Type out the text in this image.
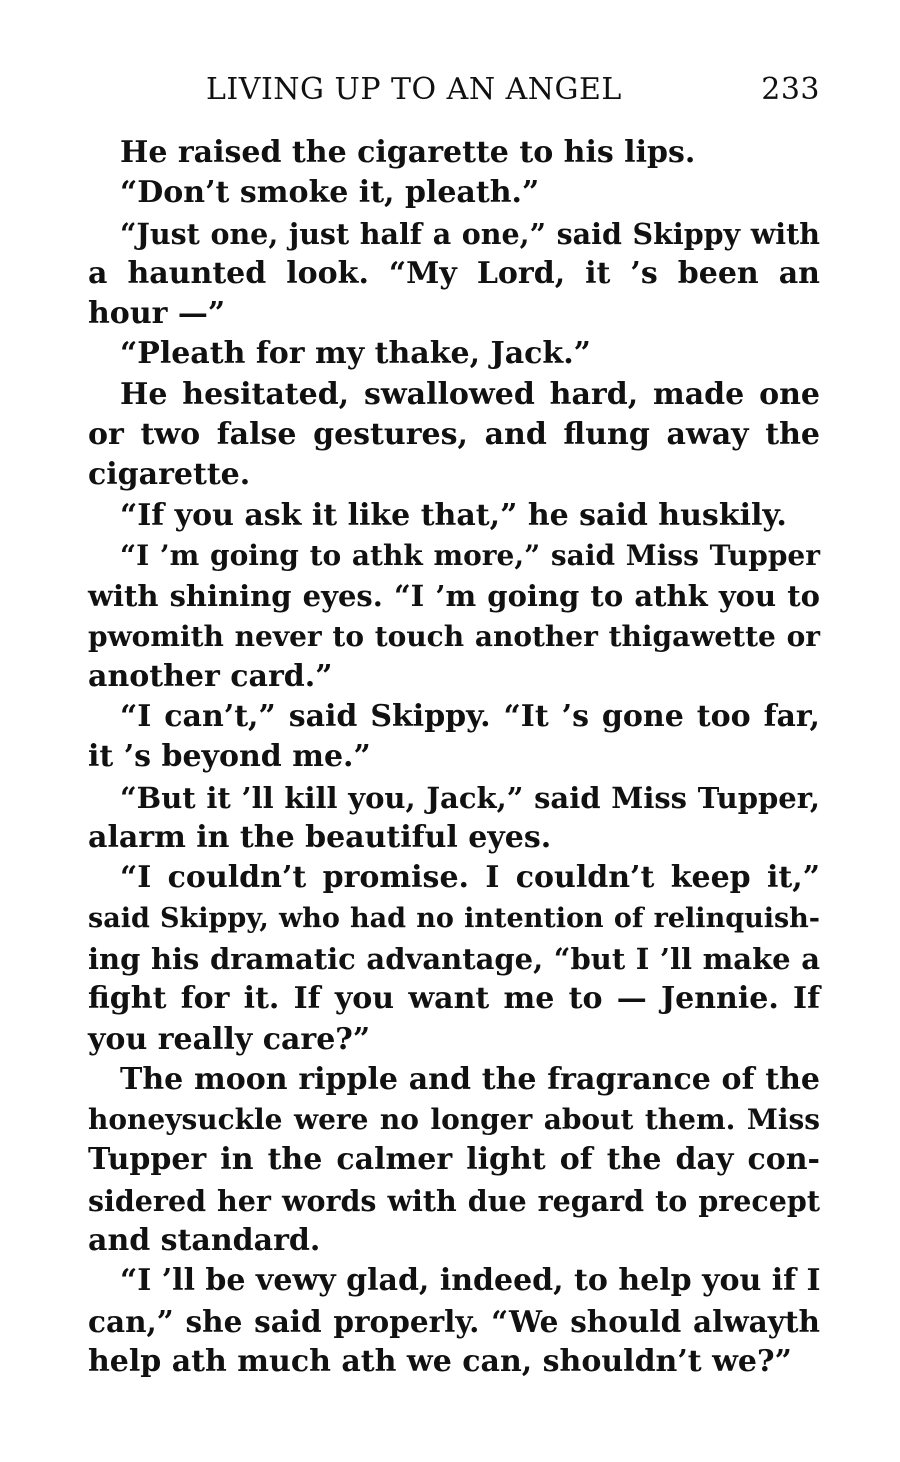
LIVING UP TO AN ANGEL	233
He raised the cigarette to his lips.
“Don’t smoke it, pleath.”
“Just one, just half a one,” said Skippy with
a haunted look. “My Lord, it ’s been an
hour —”
“Pleath for my thake, Jack.”
He hesitated, swallowed hard, made one
or two false gestures, and flung away the
cigarette.
“If you ask it like that,” he said huskily.
“I ’m going to athk more,” said Miss Tupper
with shining eyes. “I ’m going to athk you to
pwomith never to touch another thigawette or
another card.”
“I can’t,” said Skippy. “It ’s gone too far,
it ’s beyond me.”
“But it ’ll kill you, Jack,” said Miss Tupper,
alarm in the beautiful eyes.
“I couldn’t promise. I couldn’t keep it,”
said Skippy, who had no intention of relinquish-
ing his dramatic advantage, “but I ’ll make a
fight for it. If you want me to — Jennie. If
you really care?”
The moon ripple and the fragrance of the
honeysuckle were no longer about them. Miss
Tupper in the calmer light of the day con-
sidered her words with due regard to precept
and standard.
“I ’ll be vewy glad, indeed, to help you if I
can,” she said properly. “We should alwayth
help ath much ath we can, shouldn’t we?”
